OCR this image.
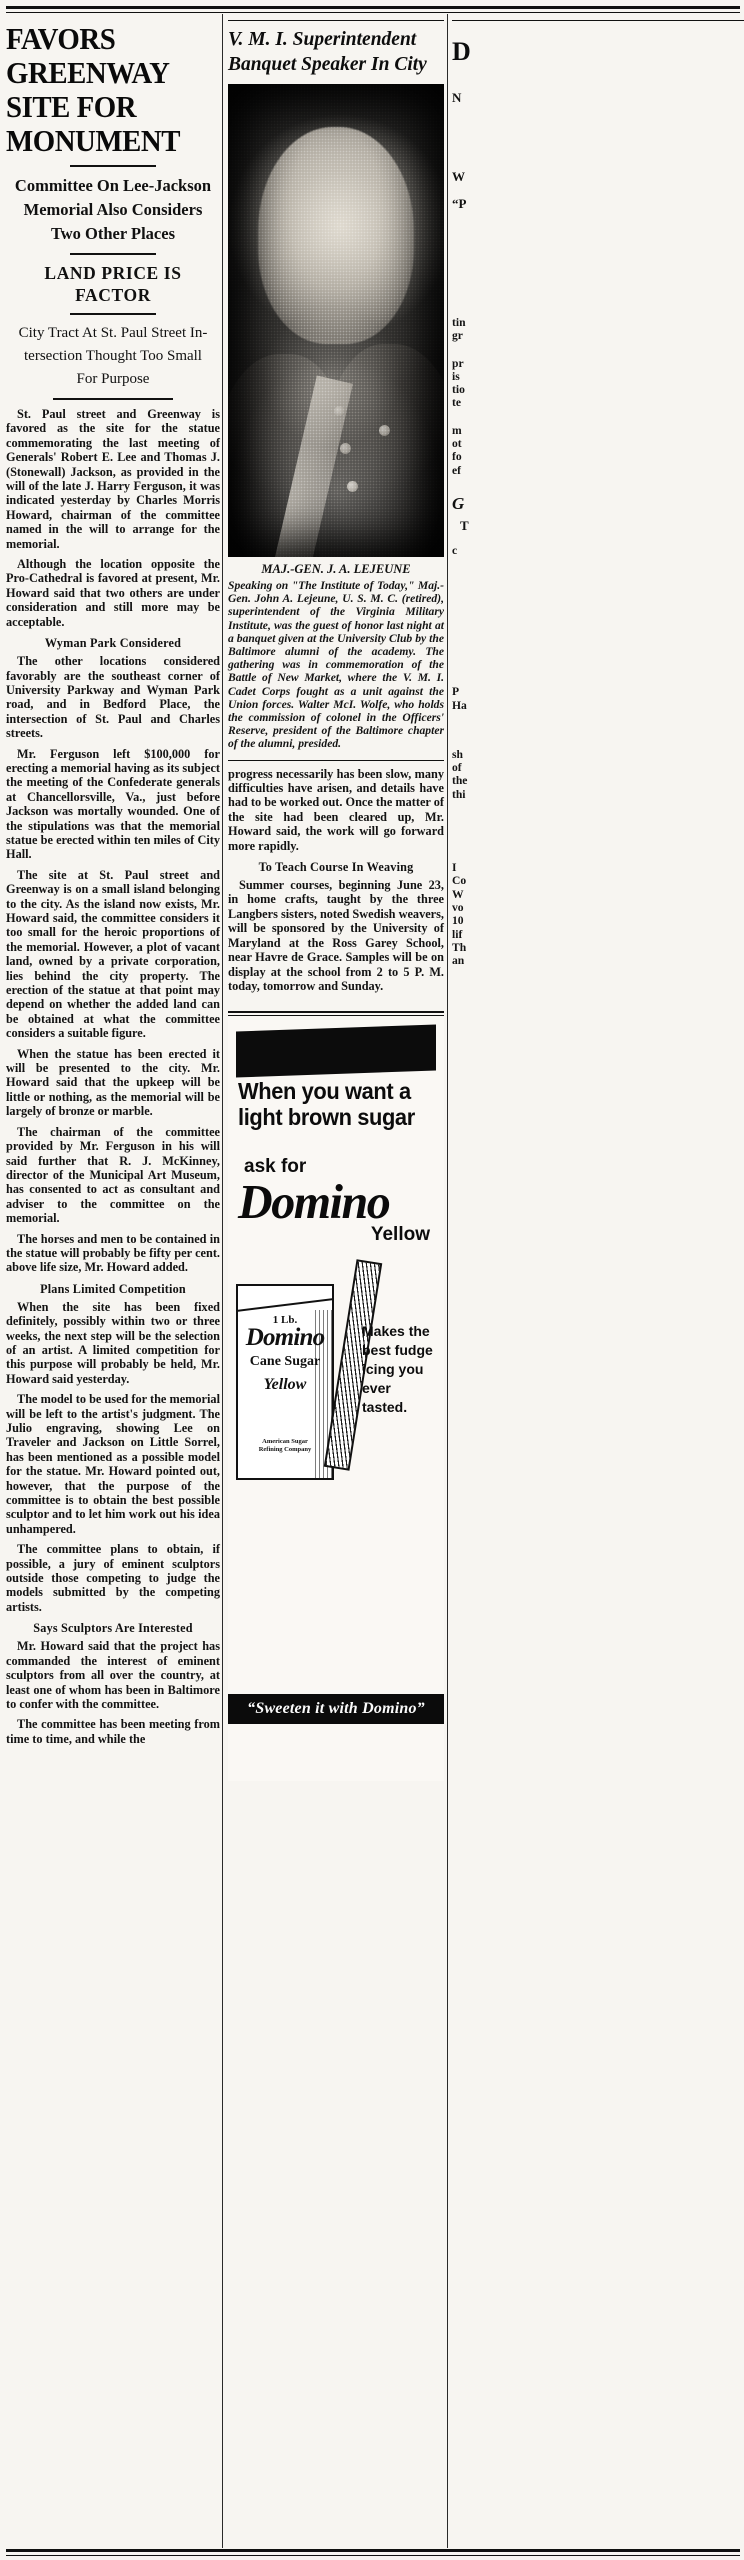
FAVORS GREENWAY
SITE FOR MONUMENT
Committee On Lee-Jackson
Memorial Also Considers
Two Other Places
LAND PRICE IS FACTOR
City Tract At St. Paul Street In-
tersection Thought Too Small
For Purpose

St. Paul street and Greenway is favored as the site for the statue commemorating the last meeting of Generals' Robert E. Lee and Thomas J. (Stonewall) Jackson, as provided in the will of the late J. Harry Ferguson, it was indicated yesterday by Charles Morris Howard, chairman of the committee named in the will to arrange for the memorial.

Although the location opposite the Pro-Cathedral is favored at present, Mr. Howard said that two others are under consideration and still more may be acceptable.

Wyman Park Considered

The other locations considered favorably are the southeast corner of University Parkway and Wyman Park road, and in Bedford Place, the intersection of St. Paul and Charles streets.

Mr. Ferguson left $100,000 for erecting a memorial having as its subject the meeting of the Confederate generals at Chancellorsville, Va., just before Jackson was mortally wounded. One of the stipulations was that the memorial statue be erected within ten miles of City Hall.

The site at St. Paul street and Greenway is on a small island belonging to the city. As the island now exists, Mr. Howard said, the committee considers it too small for the heroic proportions of the memorial. However, a plot of vacant land, owned by a private corporation, lies behind the city property. The erection of the statue at that point may depend on whether the added land can be obtained at what the committee considers a suitable figure.

When the statue has been erected it will be presented to the city. Mr. Howard said that the upkeep will be little or nothing, as the memorial will be largely of bronze or marble.

The chairman of the committee provided by Mr. Ferguson in his will said further that R. J. McKinney, director of the Municipal Art Museum, has consented to act as consultant and adviser to the committee on the memorial.

The horses and men to be contained in the statue will probably be fifty per cent. above life size, Mr. Howard added.

Plans Limited Competition

When the site has been fixed definitely, possibly within two or three weeks, the next step will be the selection of an artist. A limited competition for this purpose will probably be held, Mr. Howard said yesterday.

The model to be used for the memorial will be left to the artist's judgment. The Julio engraving, showing Lee on Traveler and Jackson on Little Sorrel, has been mentioned as a possible model for the statue. Mr. Howard pointed out, however, that the purpose of the committee is to obtain the best possible sculptor and to let him work out his idea unhampered.

The committee plans to obtain, if possible, a jury of eminent sculptors outside those competing to judge the models submitted by the competing artists.

Says Sculptors Are Interested

Mr. Howard said that the project has commanded the interest of eminent sculptors from all over the country, at least one of whom has been in Baltimore to confer with the committee.

The committee has been meeting from time to time, and while the

V. M. I. Superintendent
Banquet Speaker In City
MAJ.-GEN. J. A. LEJEUNE

Speaking on "The Institute of Today," Maj.-Gen. John A. Lejeune, U. S. M. C. (retired), superintendent of the Virginia Military Institute, was the guest of honor last night at a banquet given at the University Club by the Baltimore alumni of the academy. The gathering was in commemoration of the Battle of New Market, where the V. M. I. Cadet Corps fought as a unit against the Union forces. Walter McI. Wolfe, who holds the commission of colonel in the Officers' Reserve, president of the Baltimore chapter of the alumni, presided.

progress necessarily has been slow, many difficulties have arisen, and details have had to be worked out. Once the matter of the site had been cleared up, Mr. Howard said, the work will go forward more rapidly.

To Teach Course In Weaving

Summer courses, beginning June 23, in home crafts, taught by the three Langbers sisters, noted Swedish weavers, will be sponsored by the University of Maryland at the Ross Garey School, near Havre de Grace. Samples will be on display at the school from 2 to 5 P. M. today, tomorrow and Sunday.

When you want a
light brown sugar
ask for
Domino
Yellow
1 Lb.
Domino
Cane Sugar
Yellow
American Sugar
Refining Company
Makes the
best fudge
icing you
ever tasted.
“Sweeten it with Domino”
D
N
W
“P

tin

gr

pr

is

tio

te

m

ot

fo

ef

G
T

c

P

Ha

sh

of

the

thi

I

Co

W

vo

10

lif

Th

an
